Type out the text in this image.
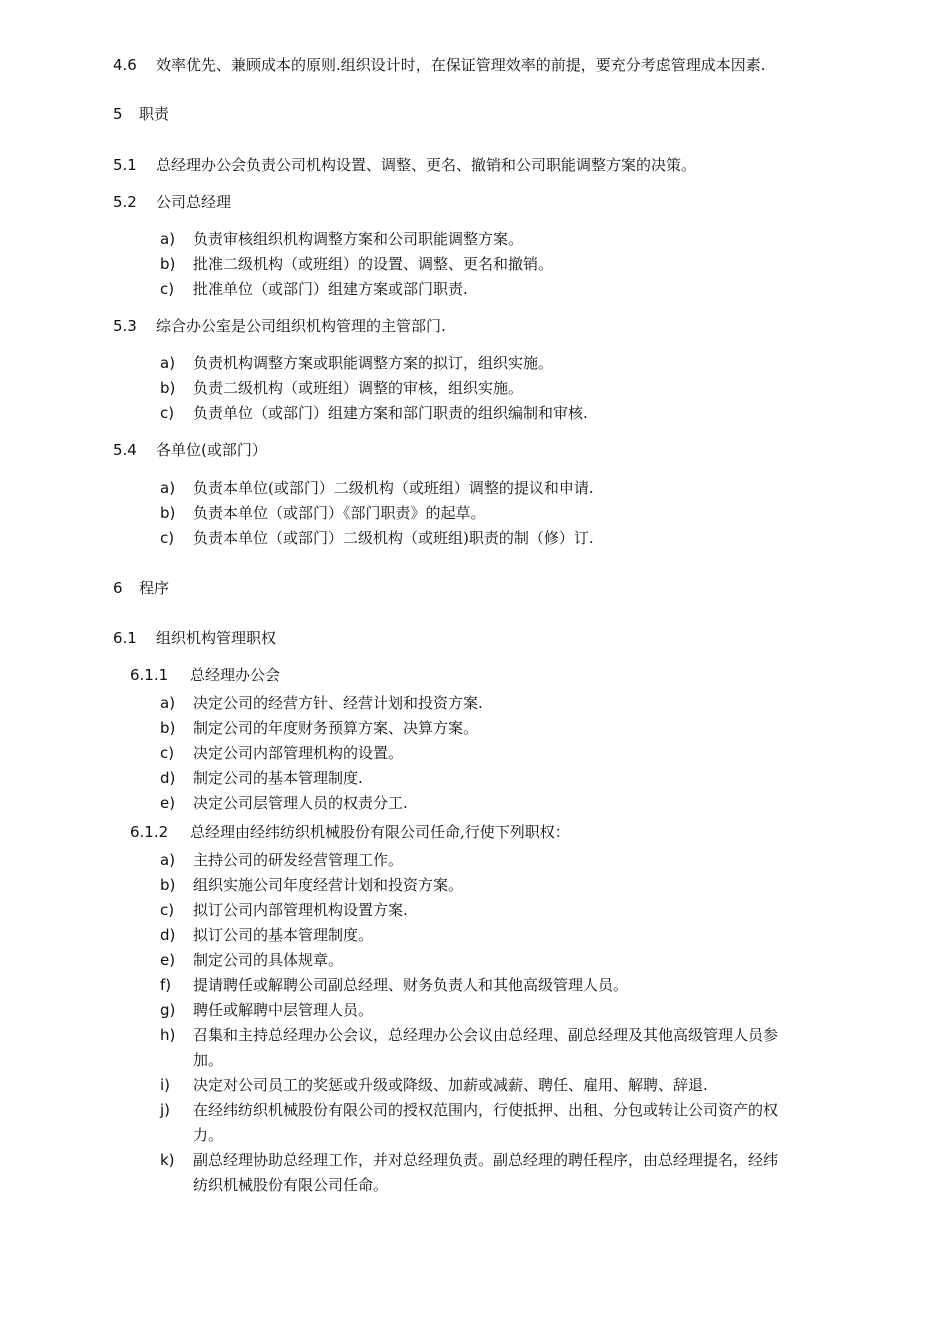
4.6 效率优先、兼顾成本的原则.组织设计时，在保证管理效率的前提，要充分考虑管理成本因素.
5 职责
5.1 总经理办公会负责公司机构设置、调整、更名、撤销和公司职能调整方案的决策。
5.2 公司总经理
a) 负责审核组织机构调整方案和公司职能调整方案。
b) 批准二级机构（或班组）的设置、调整、更名和撤销。
c) 批准单位（或部门）组建方案或部门职责.
5.3 综合办公室是公司组织机构管理的主管部门.
a) 负责机构调整方案或职能调整方案的拟订，组织实施。
b) 负责二级机构（或班组）调整的审核，组织实施。
c) 负责单位（或部门）组建方案和部门职责的组织编制和审核.
5.4 各单位(或部门）
a) 负责本单位(或部门）二级机构（或班组）调整的提议和申请.
b) 负责本单位（或部门）《部门职责》的起草。
c) 负责本单位（或部门）二级机构（或班组)职责的制（修）订.
6 程序
6.1 组织机构管理职权
6.1.1 总经理办公会
a) 决定公司的经营方针、经营计划和投资方案.
b) 制定公司的年度财务预算方案、决算方案。
c) 决定公司内部管理机构的设置。
d) 制定公司的基本管理制度.
e) 决定公司层管理人员的权责分工.
6.1.2 总经理由经纬纺织机械股份有限公司任命,行使下列职权：
a) 主持公司的研发经营管理工作。
b) 组织实施公司年度经营计划和投资方案。
c) 拟订公司内部管理机构设置方案.
d) 拟订公司的基本管理制度。
e) 制定公司的具体规章。
f) 提请聘任或解聘公司副总经理、财务负责人和其他高级管理人员。
g) 聘任或解聘中层管理人员。
h) 召集和主持总经理办公会议，总经理办公会议由总经理、副总经理及其他高级管理人员参
加。
i) 决定对公司员工的奖惩或升级或降级、加薪或减薪、聘任、雇用、解聘、辞退.
j) 在经纬纺织机械股份有限公司的授权范围内，行使抵押、出租、分包或转让公司资产的权
力。
k) 副总经理协助总经理工作，并对总经理负责。副总经理的聘任程序，由总经理提名，经纬
纺织机械股份有限公司任命。
